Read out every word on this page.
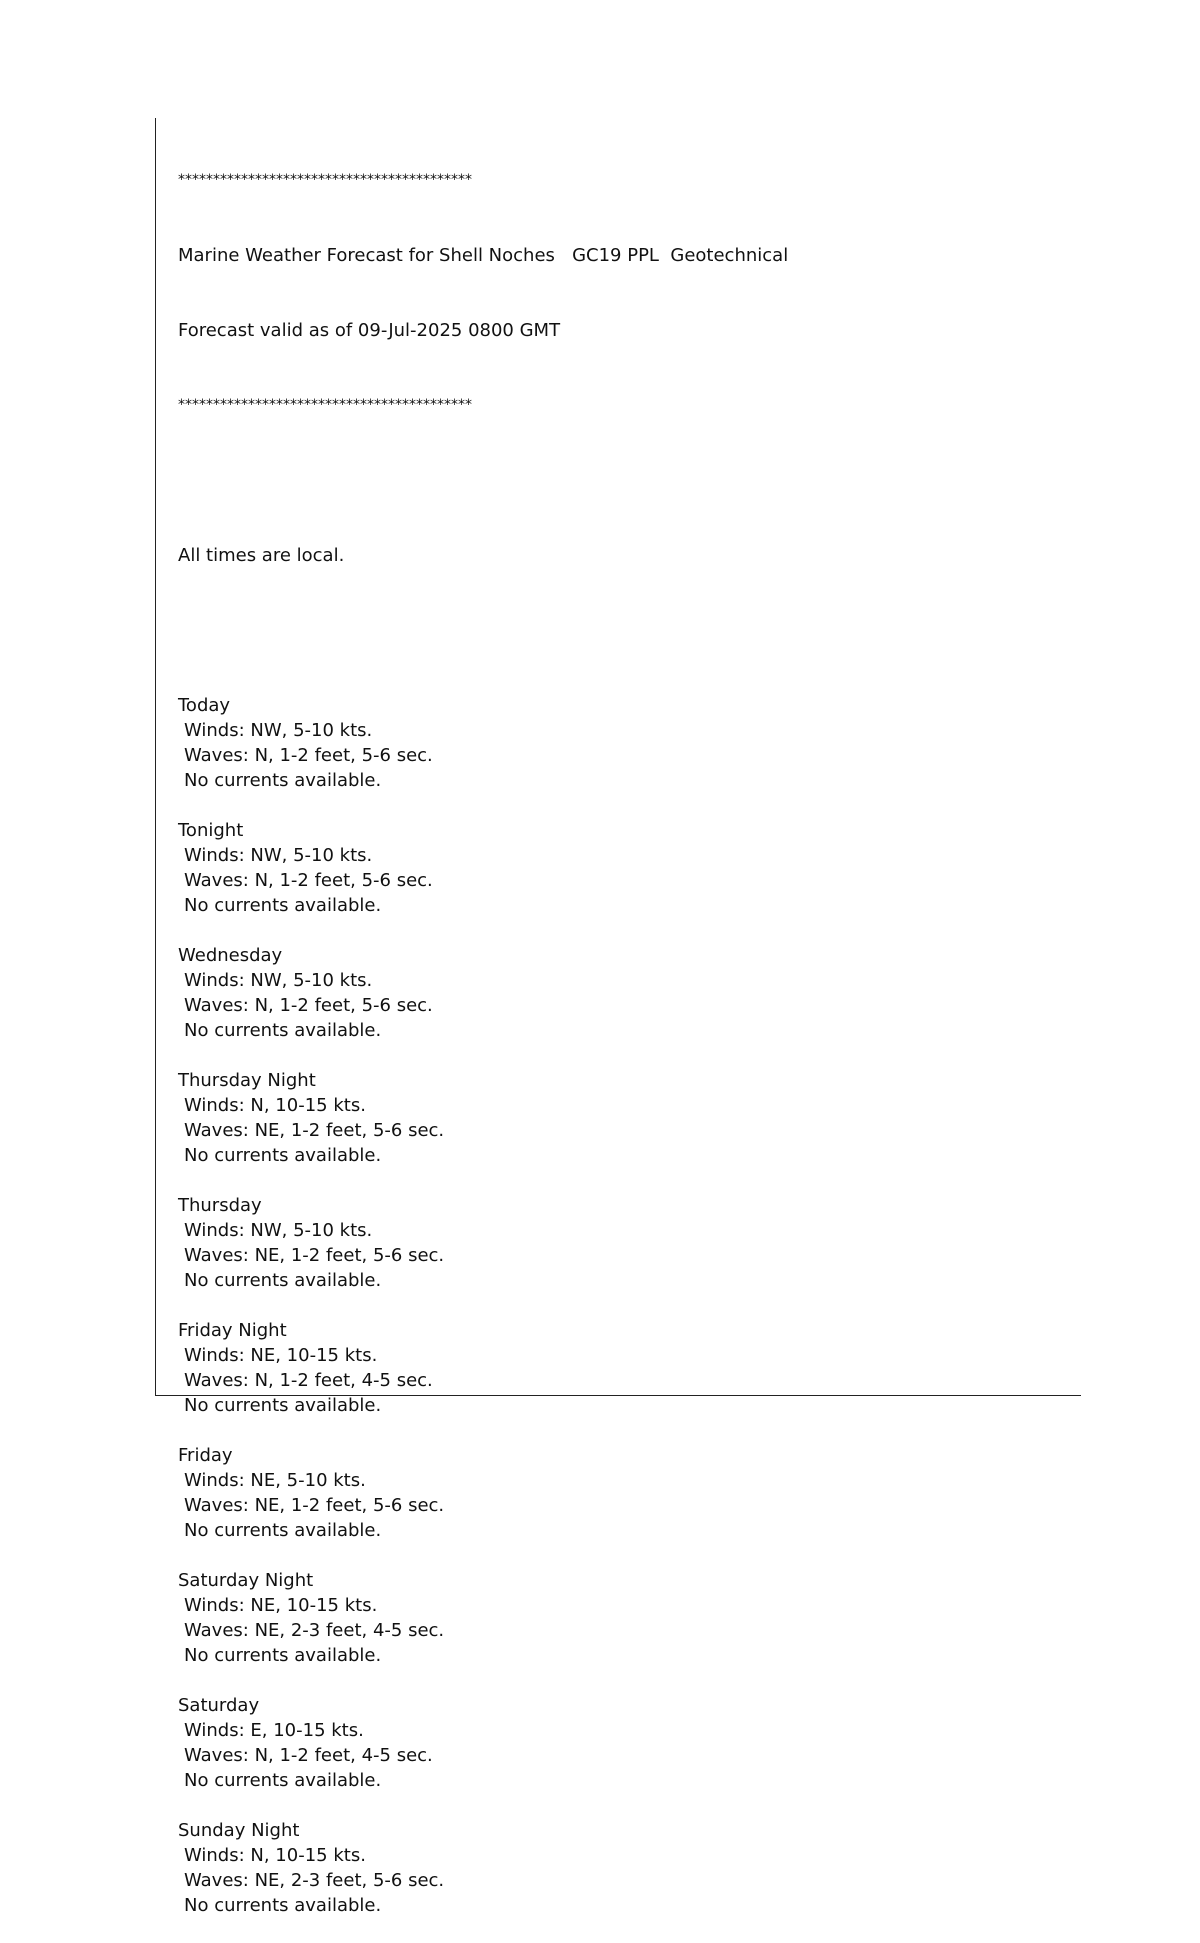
******************************************

Marine Weather Forecast for Shell Noches   GC19 PPL  Geotechnical

Forecast valid as of 09-Jul-2025 0800 GMT

******************************************

All times are local.

Today
Winds: NW, 5-10 kts.
Waves: N, 1-2 feet, 5-6 sec.
No currents available.
Tonight
Winds: NW, 5-10 kts.
Waves: N, 1-2 feet, 5-6 sec.
No currents available.
Wednesday
Winds: NW, 5-10 kts.
Waves: N, 1-2 feet, 5-6 sec.
No currents available.
Thursday Night
Winds: N, 10-15 kts.
Waves: NE, 1-2 feet, 5-6 sec.
No currents available.
Thursday
Winds: NW, 5-10 kts.
Waves: NE, 1-2 feet, 5-6 sec.
No currents available.
Friday Night
Winds: NE, 10-15 kts.
Waves: N, 1-2 feet, 4-5 sec.
No currents available.
Friday
Winds: NE, 5-10 kts.
Waves: NE, 1-2 feet, 5-6 sec.
No currents available.
Saturday Night
Winds: NE, 10-15 kts.
Waves: NE, 2-3 feet, 4-5 sec.
No currents available.
Saturday
Winds: E, 10-15 kts.
Waves: N, 1-2 feet, 4-5 sec.
No currents available.
Sunday Night
Winds: N, 10-15 kts.
Waves: NE, 2-3 feet, 5-6 sec.
No currents available.
